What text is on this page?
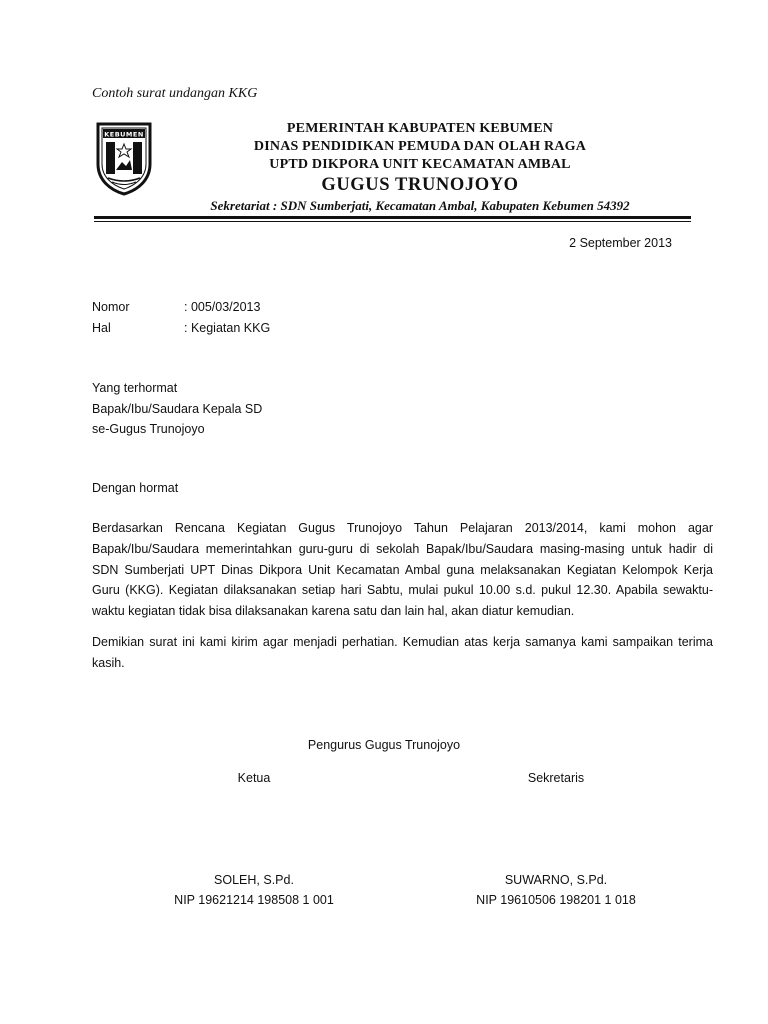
Contoh surat undangan KKG
KEBUMEN	PEMERINTAH KABUPATEN KEBUMEN
DINAS PENDIDIKAN PEMUDA DAN OLAH RAGA
UPTD DIKPORA UNIT KECAMATAN AMBAL
GUGUS TRUNOJOYO
Sekretariat : SDN Sumberjati, Kecamatan Ambal, Kabupaten Kebumen 54392
2 September 2013
Nomor	: 005/03/2013
Hal	: Kegiatan KKG
Yang terhormat
Bapak/Ibu/Saudara Kepala SD
se-Gugus Trunojoyo
Dengan hormat

Berdasarkan Rencana Kegiatan Gugus Trunojoyo Tahun Pelajaran 2013/2014, kami mohon agar Bapak/Ibu/Saudara memerintahkan guru-guru di sekolah Bapak/Ibu/Saudara masing-masing untuk hadir di SDN Sumberjati UPT Dinas Dikpora Unit Kecamatan Ambal guna melaksanakan Kegiatan Kelompok Kerja Guru (KKG). Kegiatan dilaksanakan setiap hari Sabtu, mulai pukul 10.00 s.d. pukul 12.30. Apabila sewaktu-waktu kegiatan tidak bisa dilaksanakan karena satu dan lain hal, akan diatur kemudian.

Demikian surat ini kami kirim agar menjadi perhatian. Kemudian atas kerja samanya kami sampaikan terima kasih.

Pengurus Gugus Trunojoyo
Ketua	Sekretaris
SOLEH, S.Pd.	SUWARNO, S.Pd.
NIP 19621214 198508 1 001	NIP 19610506 198201 1 018
